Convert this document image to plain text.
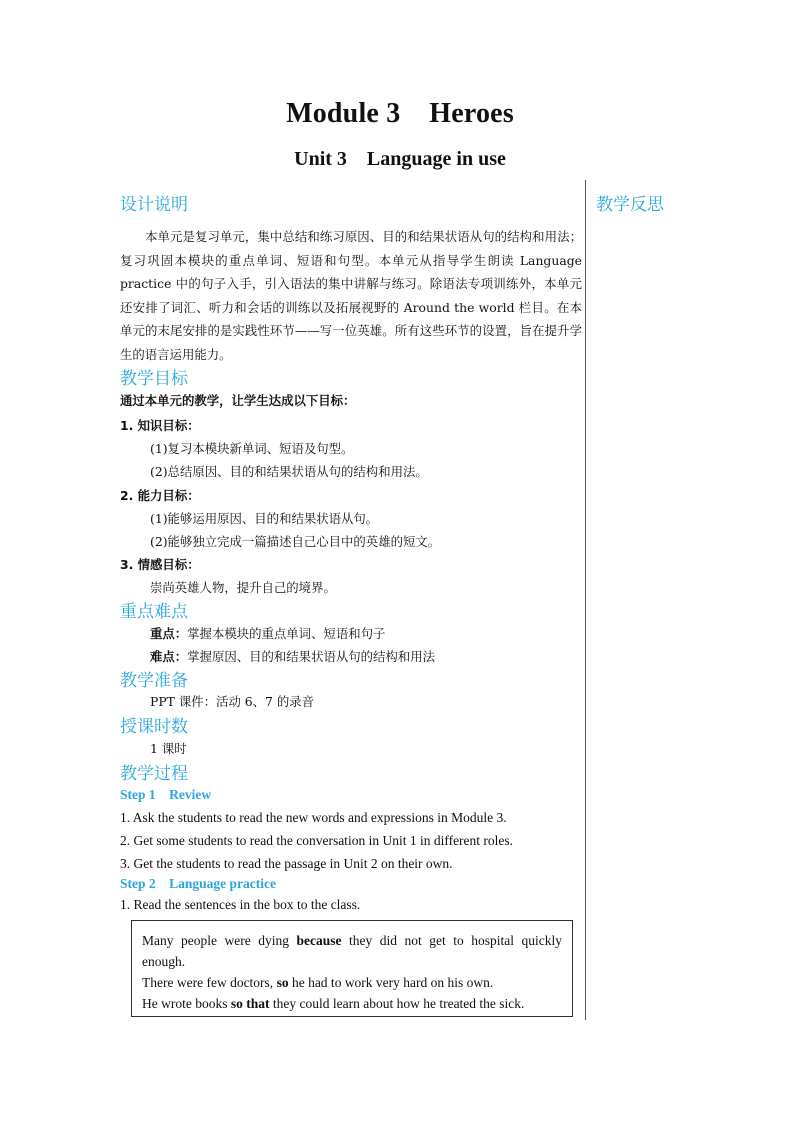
Module 3    Heroes
Unit 3    Language in use
教学反思
设计说明

本单元是复习单元，集中总结和练习原因、目的和结果状语从句的结构和用法；复习巩固本模块的重点单词、短语和句型。本单元从指导学生朗读 Language practice 中的句子入手，引入语法的集中讲解与练习。除语法专项训练外，本单元还安排了词汇、听力和会话的训练以及拓展视野的 Around the world 栏目。在本单元的末尾安排的是实践性环节——写一位英雄。所有这些环节的设置，旨在提升学生的语言运用能力。

教学目标
通过本单元的教学，让学生达成以下目标：
1. 知识目标：
(1)复习本模块新单词、短语及句型。
(2)总结原因、目的和结果状语从句的结构和用法。
2. 能力目标：
(1)能够运用原因、目的和结果状语从句。
(2)能够独立完成一篇描述自己心目中的英雄的短文。
3. 情感目标：
崇尚英雄人物，提升自己的境界。
重点难点
重点：掌握本模块的重点单词、短语和句子
难点：掌握原因、目的和结果状语从句的结构和用法
教学准备
PPT 课件：活动 6、7 的录音
授课时数
1 课时
教学过程
Step 1    Review
1. Ask the students to read the new words and expressions in Module 3.
2. Get some students to read the conversation in Unit 1 in different roles.
3. Get the students to read the passage in Unit 2 on their own.
Step 2    Language practice
1. Read the sentences in the box to the class.

Many people were dying because they did not get to hospital quickly enough.

There were few doctors, so he had to work very hard on his own.

He wrote books so that they could learn about how he treated the sick.
